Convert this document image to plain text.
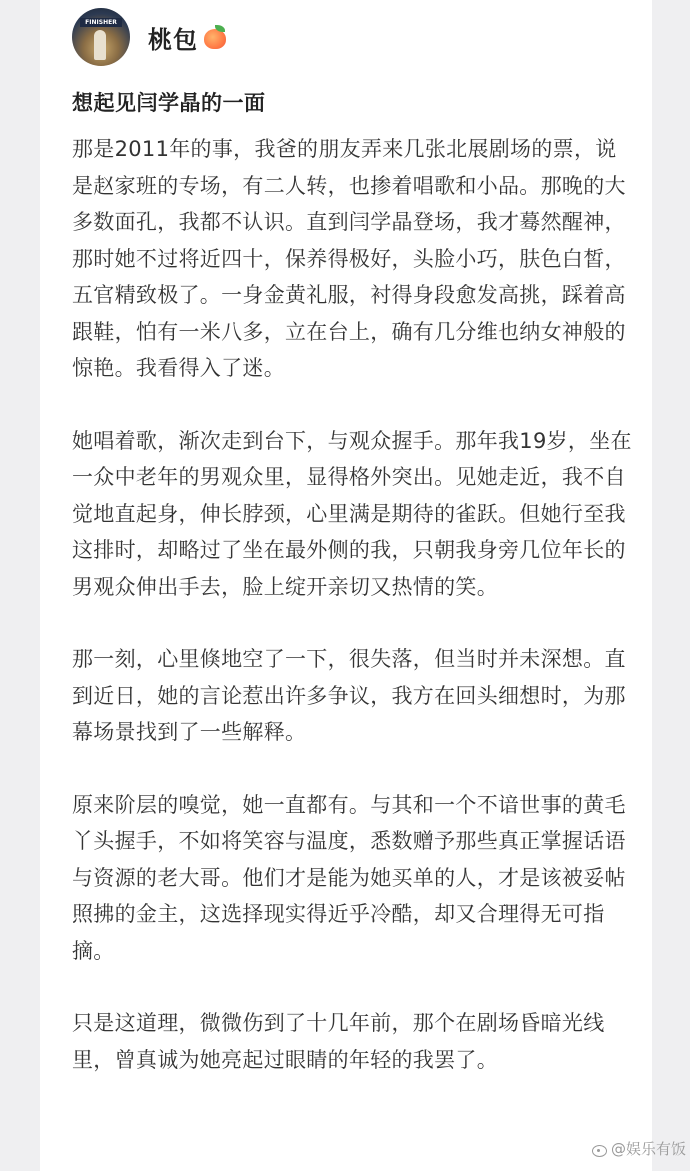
FINISHER
桃包
想起见闫学晶的一面

那是2011年的事，我爸的朋友弄来几张北展剧场的票，说是赵家班的专场，有二人转，也掺着唱歌和小品。那晚的大多数面孔，我都不认识。直到闫学晶登场，我才蓦然醒神，那时她不过将近四十，保养得极好，头脸小巧，肤色白皙，五官精致极了。一身金黄礼服，衬得身段愈发高挑，踩着高跟鞋，怕有一米八多，立在台上，确有几分维也纳女神般的惊艳。我看得入了迷。

她唱着歌，渐次走到台下，与观众握手。那年我19岁，坐在一众中老年的男观众里，显得格外突出。见她走近，我不自觉地直起身，伸长脖颈，心里满是期待的雀跃。但她行至我这排时，却略过了坐在最外侧的我，只朝我身旁几位年长的男观众伸出手去，脸上绽开亲切又热情的笑。

那一刻，心里倏地空了一下，很失落，但当时并未深想。直到近日，她的言论惹出许多争议，我方在回头细想时，为那幕场景找到了一些解释。

原来阶层的嗅觉，她一直都有。与其和一个不谙世事的黄毛丫头握手，不如将笑容与温度，悉数赠予那些真正掌握话语与资源的老大哥。他们才是能为她买单的人，才是该被妥帖照拂的金主，这选择现实得近乎冷酷，却又合理得无可指摘。

只是这道理，微微伤到了十几年前，那个在剧场昏暗光线里，曾真诚为她亮起过眼睛的年轻的我罢了。

@娱乐有饭
